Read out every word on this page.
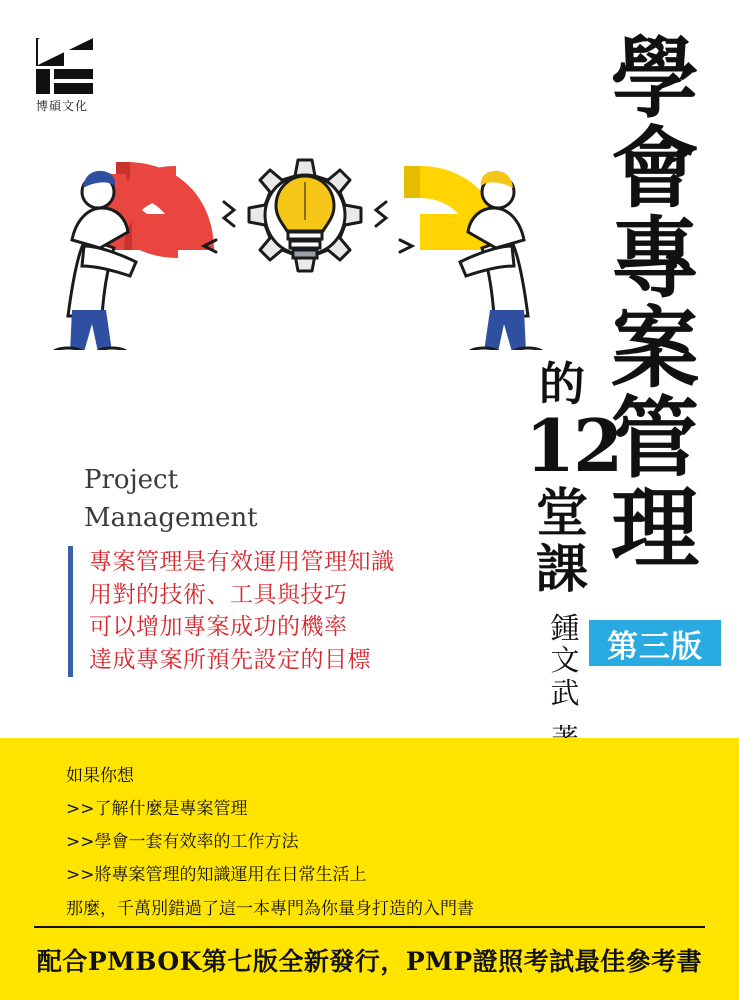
博碩文化	學
會
專
案
管
理
的
12
堂
課
第三版
鍾
文
武
Project
Management
專案管理是有效運用管理知識
用對的技術、工具與技巧
可以增加專案成功的機率
達成專案所預先設定的目標
如果你想
>>了解什麼是專案管理
>>學會一套有效率的工作方法
>>將專案管理的知識運用在日常生活上
那麼，千萬別錯過了這一本專門為你量身打造的入門書
配合PMBOK第七版全新發行，PMP證照考試最佳參考書
